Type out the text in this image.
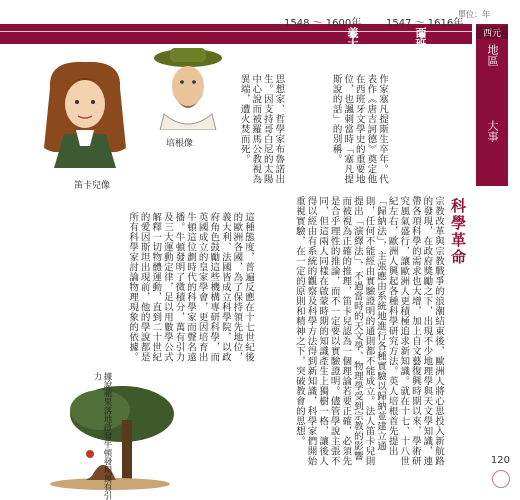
單位：年
1548 ～ 1600年 1547 ～ 1616年
義大利	西班牙	西元
地區
大事
作家塞凡提斯生卒年。代表作《唐吉訶德》奠定他在西班牙文學史的重要地位，也諷刺當時「塞凡提斯說的話」的別稱。
思想家、哲學家布魯諾出生。因支持哥白尼的太陽中心說而被羅馬公教視為異端，遭火焚而死。
培根像
笛卡兒像
科學革命
宗教改革與宗教戰爭的浪潮結束後，歐洲人將心思投入新航路的發現，在政府獎勵之下，出現不少地理學與天文學知識，連帶各項科學的需求也大增，加上自文藝復興時期以來，學術研究風氣盛行，讓歐洲人更積極追求新知識。就在十七、十八世紀左右，歐洲人興起各種科學研究方法。英人培根首先提出「歸納法」，主張應由系統地進行各種實驗以歸納並建立通則，任何不能經由實驗證明的通則都不能成立。法人笛卡兒則提出「演繹法」，不過當時的天文學、物理學受到宗教的影響而被視為正確的推理，笛卡兒認為一個理論若要正確，必須先是合乎理性的推論，而不一定要以實驗證明。儘管學說主張不同，但這兩人同樣在啟蒙時期的知識產生上獨樹一格，讓後人得以經由有系統的觀察及科學方法得到新知識，科學家們開始重視實驗，在一定的原則和精神之下，突破教會的思想。
這種態度，普遍反應在十七世紀後的歐洲各國，為了保持領先地位，義大利、法國皆成立科學院，以政府角色鼓勵這些機構專研科學，而英國成立的皇家學會，更因培育出牛頓這位劃時代的科學家而聲名遠播。牛頓發明了微積分，萬有引力及三大運動定律，足以用數學公式解釋一切物體運動，直到二十世紀的愛因斯坦出現前，他的學說都是所有科學家討論物理現象的依據。
據說蘋果落地啟發牛頓發現萬有引力
120
